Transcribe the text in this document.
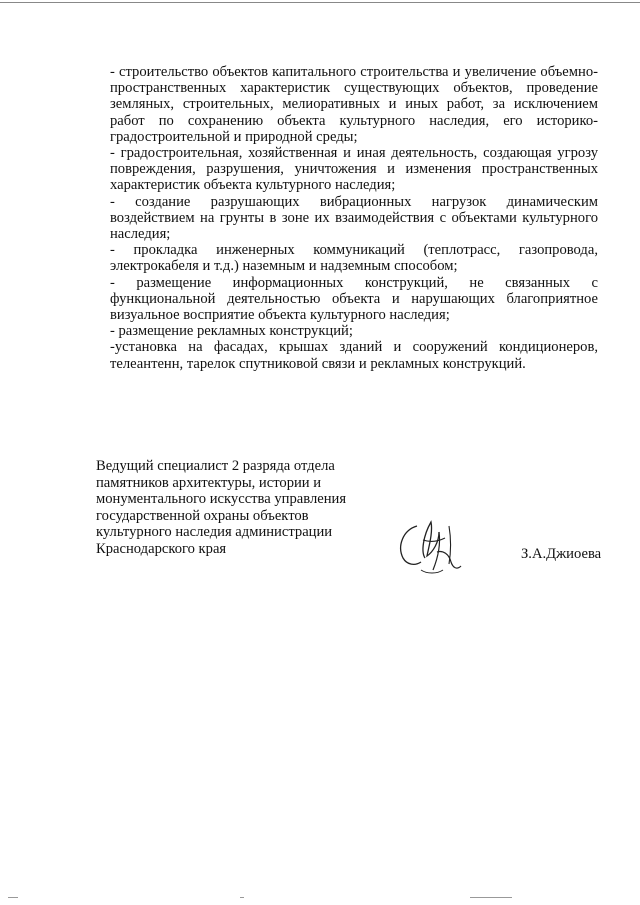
- строительство объектов капитального строительства и увеличение объемно-пространственных характеристик существующих объектов, проведение земляных, строительных, мелиоративных и иных работ, за исключением работ по сохранению объекта культурного наследия, его историко-градостроительной и природной среды;

- градостроительная, хозяйственная и иная деятельность, создающая угрозу повреждения, разрушения, уничтожения и изменения пространственных характеристик объекта культурного наследия;

- создание разрушающих вибрационных нагрузок динамическим воздействием на грунты в зоне их взаимодействия с объектами культурного наследия;

- прокладка инженерных коммуникаций (теплотрасс, газопровода, электрокабеля и т.д.) наземным и надземным способом;

- размещение информационных конструкций, не связанных с функциональной деятельностью объекта и нарушающих благоприятное визуальное восприятие объекта культурного наследия;

- размещение рекламных конструкций;

-установка на фасадах, крышах зданий и сооружений кондиционеров, телеантенн, тарелок спутниковой связи и рекламных конструкций.

Ведущий специалист 2 разряда отдела
памятников архитектуры, истории и
монументального искусства управления
государственной охраны объектов
культурного наследия администрации
Краснодарского края	З.А.Джиоева
